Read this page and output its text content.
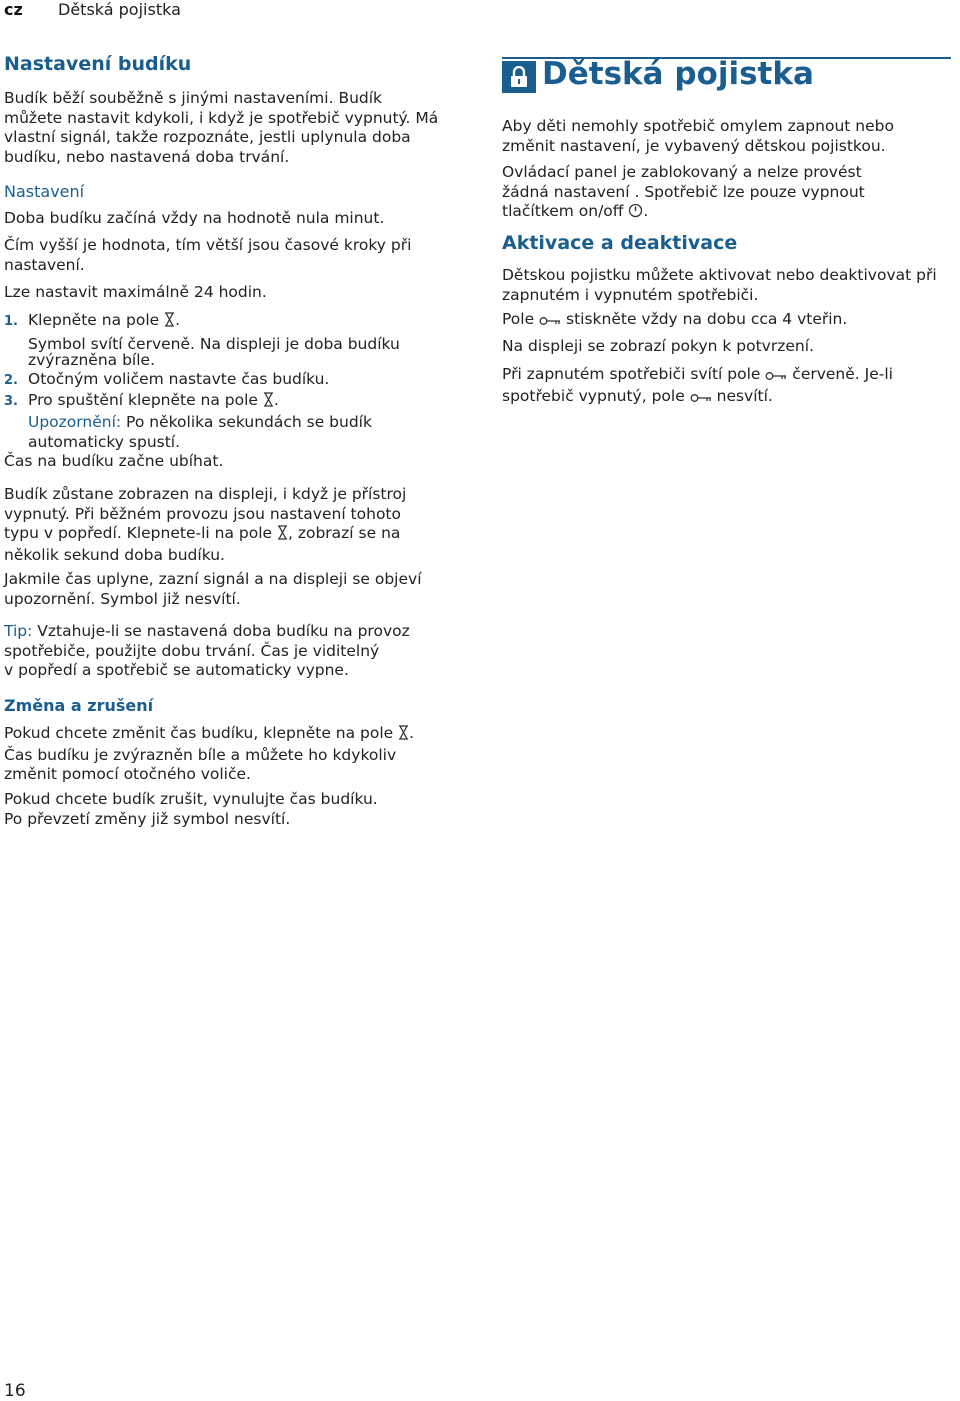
cz Dětská pojistka
Nastavení budíku

Budík běží souběžně s jinými nastaveními. Budík

můžete nastavit kdykoli, i když je spotřebič vypnutý. Má

vlastní signál, takže rozpoznáte, jestli uplynula doba

budíku, nebo nastavená doba trvání.

Nastavení

Doba budíku začíná vždy na hodnotě nula minut.

Čím vyšší je hodnota, tím větší jsou časové kroky při

nastavení.

Lze nastavit maximálně 24 hodin.

1. Klepněte na pole .

Symbol svítí červeně. Na displeji je doba budíku

zvýrazněna bíle.

2. Otočným voličem nastavte čas budíku.

3. Pro spuštění klepněte na pole .

Upozornění: Po několika sekundách se budík

automaticky spustí.

Čas na budíku začne ubíhat.

Budík zůstane zobrazen na displeji, i když je přístroj

vypnutý. Při běžném provozu jsou nastavení tohoto

typu v popředí. Klepnete-li na pole , zobrazí se na

několik sekund doba budíku.

Jakmile čas uplyne, zazní signál a na displeji se objeví

upozornění. Symbol již nesvítí.

Tip: Vztahuje-li se nastavená doba budíku na provoz

spotřebiče, použijte dobu trvání. Čas je viditelný

v popředí a spotřebič se automaticky vypne.

Změna a zrušení

Pokud chcete změnit čas budíku, klepněte na pole .

Čas budíku je zvýrazněn bíle a můžete ho kdykoliv

změnit pomocí otočného voliče.

Pokud chcete budík zrušit, vynulujte čas budíku.

Po převzetí změny již symbol nesvítí.

Dětská pojistka

Aby děti nemohly spotřebič omylem zapnout nebo

změnit nastavení, je vybavený dětskou pojistkou.

Ovládací panel je zablokovaný a nelze provést

žádná nastavení . Spotřebič lze pouze vypnout

tlačítkem on/off .

Aktivace a deaktivace

Dětskou pojistku můžete aktivovat nebo deaktivovat při

zapnutém i vypnutém spotřebiči.

Pole stiskněte vždy na dobu cca 4 vteřin.

Na displeji se zobrazí pokyn k potvrzení.

Při zapnutém spotřebiči svítí pole červeně. Je-li

spotřebič vypnutý, pole nesvítí.

16
